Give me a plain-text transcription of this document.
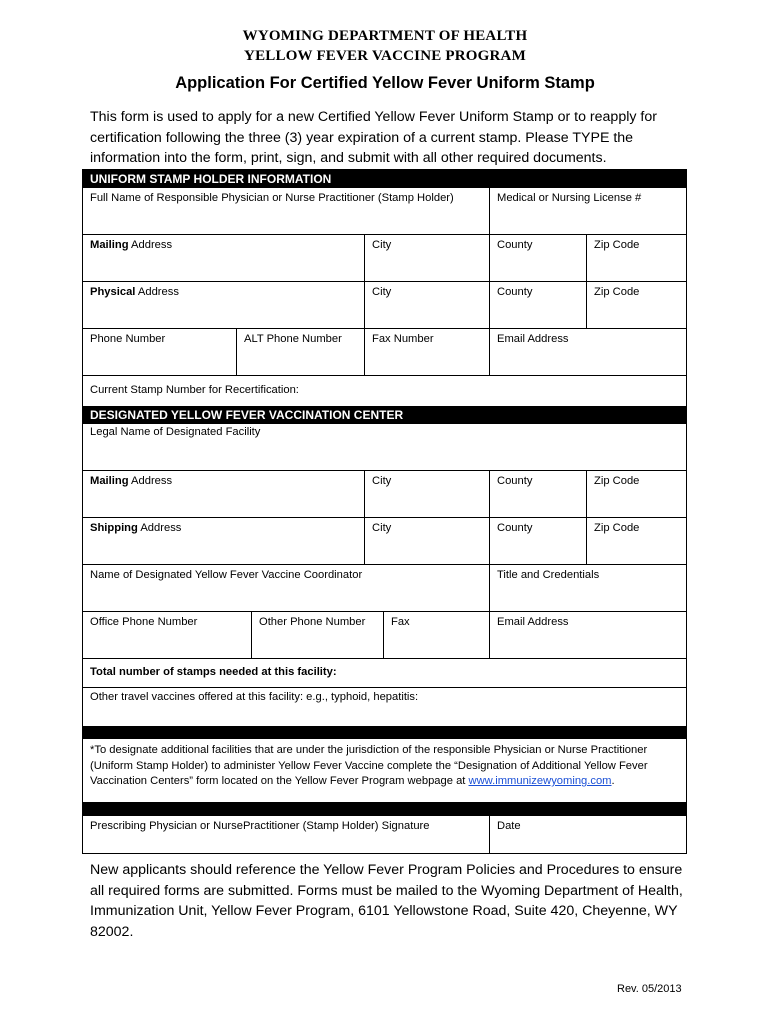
WYOMING DEPARTMENT OF HEALTH
YELLOW FEVER VACCINE PROGRAM
Application For Certified Yellow Fever Uniform Stamp
This form is used to apply for a new Certified Yellow Fever Uniform Stamp or to reapply for certification following the three (3) year expiration of a current stamp. Please TYPE the information into the form, print, sign, and submit with all other required documents.
UNIFORM STAMP HOLDER INFORMATION
Full Name of Responsible Physician or Nurse Practitioner (Stamp Holder)	Medical or Nursing License #
Mailing Address	City	County	Zip Code
Physical Address	City	County	Zip Code
Phone Number	ALT Phone Number	Fax Number	Email Address
Current Stamp Number for Recertification:
DESIGNATED YELLOW FEVER VACCINATION CENTER
Legal Name of Designated Facility
Mailing Address	City	County	Zip Code
Shipping Address	City	County	Zip Code
Name of Designated Yellow Fever Vaccine Coordinator	Title and Credentials
Office Phone Number	Other Phone Number	Fax	Email Address
Total number of stamps needed at this facility:
Other travel vaccines offered at this facility: e.g., typhoid, hepatitis:
*To designate additional facilities that are under the jurisdiction of the responsible Physician or Nurse Practitioner (Uniform Stamp Holder) to administer Yellow Fever Vaccine complete the “Designation of Additional Yellow Fever Vaccination Centers” form located on the Yellow Fever Program webpage at www.immunizewyoming.com.
Prescribing Physician or NursePractitioner (Stamp Holder) Signature	Date
New applicants should reference the Yellow Fever Program Policies and Procedures to ensure all required forms are submitted. Forms must be mailed to the Wyoming Department of Health, Immunization Unit, Yellow Fever Program, 6101 Yellowstone Road, Suite 420, Cheyenne, WY 82002.
Rev. 05/2013
